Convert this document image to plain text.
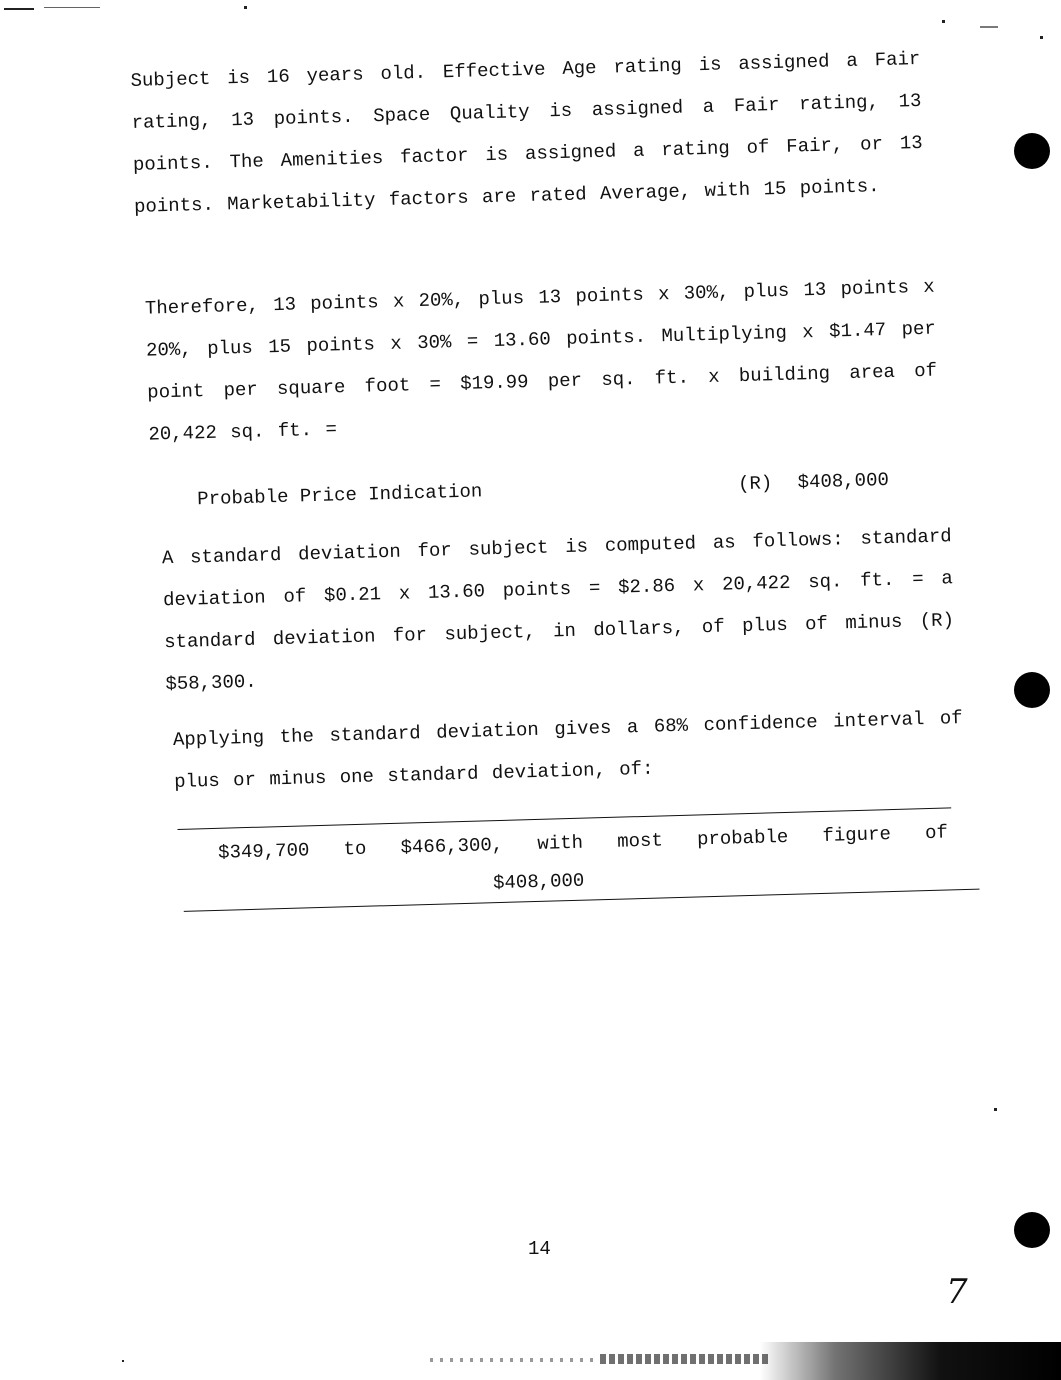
Subject is 16 years old. Effective Age rating is assigned a Fair rating, 13 points. Space Quality is assigned a Fair rating, 13 points. The Amenities factor is assigned a rating of Fair, or 13 points. Marketability factors are rated Average, with 15 points.

Therefore, 13 points x 20%, plus 13 points x 30%, plus 13 points x 20%, plus 15 points x 30% = 13.60 points. Multiplying x $1.47 per point per square foot = $19.99 per sq. ft. x building area of 20,422 sq. ft. =

Probable Price Indication	(R) $408,000

A standard deviation for subject is computed as follows: standard deviation of $0.21 x 13.60 points = $2.86 x 20,422 sq. ft. = a standard deviation for subject, in dollars, of plus of minus (R) $58,300.

Applying the standard deviation gives a 68% confidence interval of plus or minus one standard deviation, of:

$349,700 to $466,300, with most probable figure of
$408,000
14
7
